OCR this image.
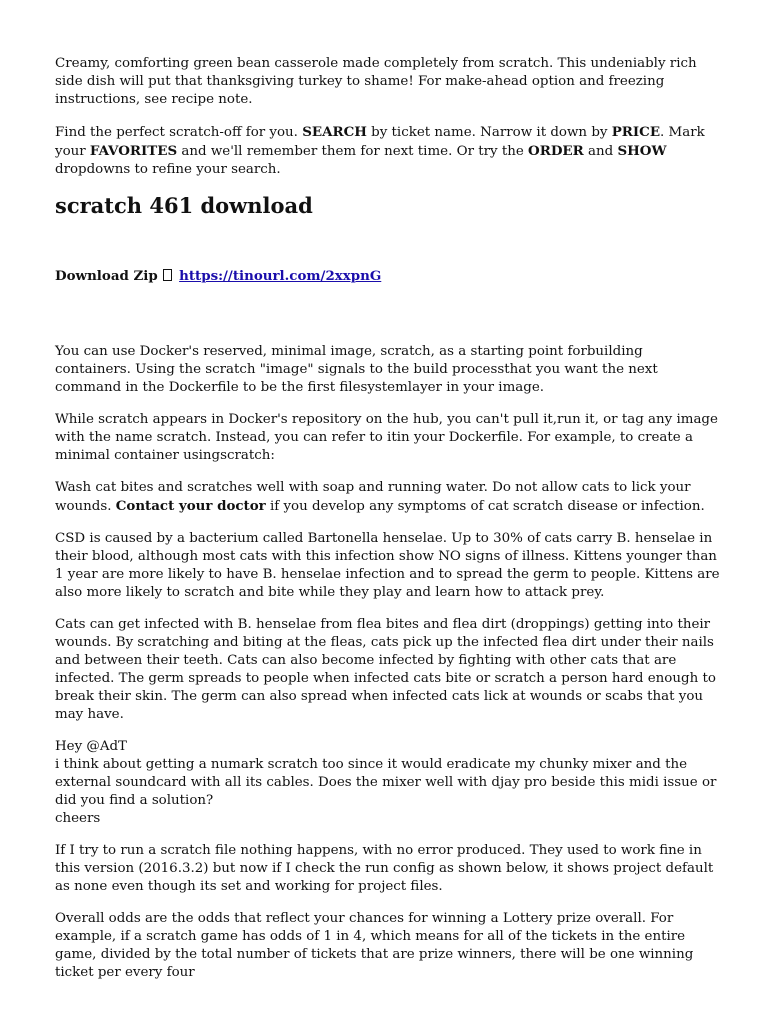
Creamy, comforting green bean casserole made completely from scratch. This undeniably rich side dish will put that thanksgiving turkey to shame! For make-ahead option and freezing instructions, see recipe note.

Find the perfect scratch-off for you. SEARCH by ticket name. Narrow it down by PRICE. Mark your FAVORITES and we'll remember them for next time. Or try the ORDER and SHOW dropdowns to refine your search.

scratch 461 download

Download Zip  https://tinourl.com/2xxpnG

You can use Docker's reserved, minimal image, scratch, as a starting point forbuilding containers. Using the scratch "image" signals to the build processthat you want the next command in the Dockerfile to be the first filesystemlayer in your image.

While scratch appears in Docker's repository on the hub, you can't pull it,run it, or tag any image with the name scratch. Instead, you can refer to itin your Dockerfile. For example, to create a minimal container usingscratch:

Wash cat bites and scratches well with soap and running water. Do not allow cats to lick your wounds. Contact your doctor if you develop any symptoms of cat scratch disease or infection.

CSD is caused by a bacterium called Bartonella henselae. Up to 30% of cats carry B. henselae in their blood, although most cats with this infection show NO signs of illness. Kittens younger than 1 year are more likely to have B. henselae infection and to spread the germ to people. Kittens are also more likely to scratch and bite while they play and learn how to attack prey.

Cats can get infected with B. henselae from flea bites and flea dirt (droppings) getting into their wounds. By scratching and biting at the fleas, cats pick up the infected flea dirt under their nails and between their teeth. Cats can also become infected by fighting with other cats that are infected. The germ spreads to people when infected cats bite or scratch a person hard enough to break their skin. The germ can also spread when infected cats lick at wounds or scabs that you may have.

Hey @AdT
i think about getting a numark scratch too since it would eradicate my chunky mixer and the external soundcard with all its cables. Does the mixer well with djay pro beside this midi issue or did you find a solution?
cheers

If I try to run a scratch file nothing happens, with no error produced. They used to work fine in this version (2016.3.2) but now if I check the run config as shown below, it shows project default as none even though its set and working for project files.

Overall odds are the odds that reflect your chances for winning a Lottery prize overall. For example, if a scratch game has odds of 1 in 4, which means for all of the tickets in the entire game, divided by the total number of tickets that are prize winners, there will be one winning ticket per every four
